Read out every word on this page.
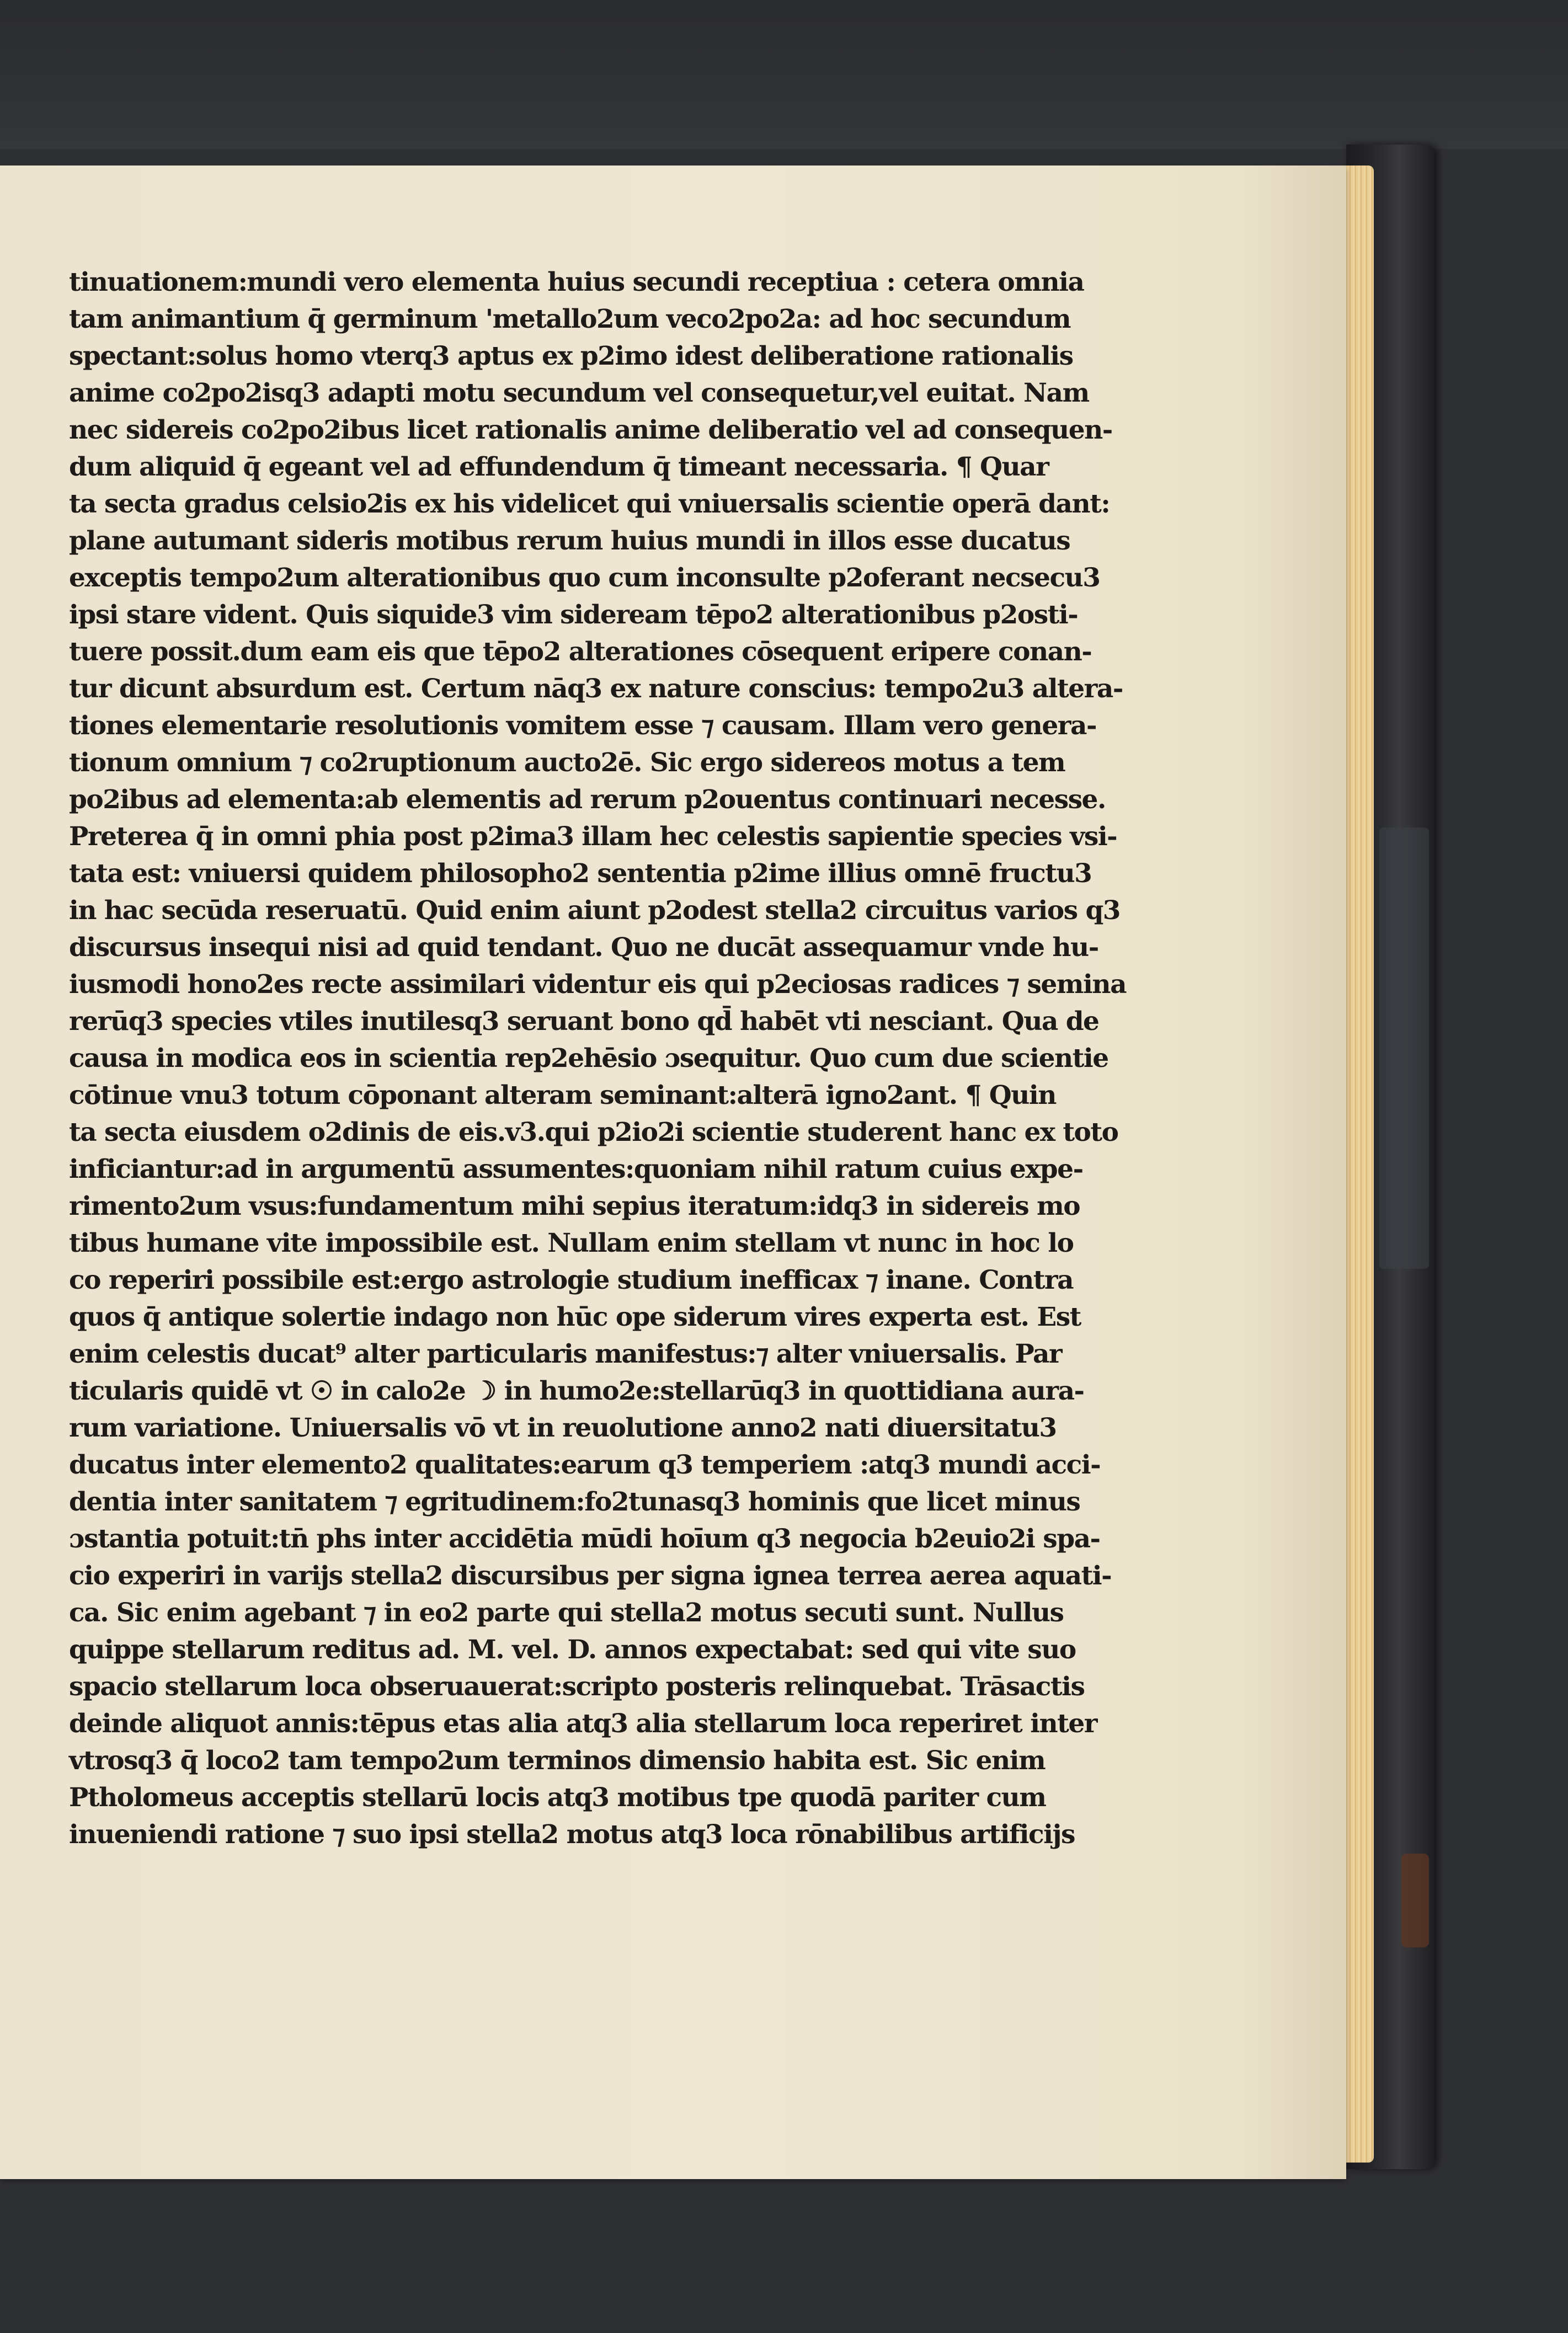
tinuationem:mundi vero elementa huius secundi receptiua : cetera omnia
tam animantium q̄ germinum 'metallo2um veco2po2a: ad hoc secundum
spectant:solus homo vterq3 aptus ex p2imo idest deliberatione rationalis
anime co2po2isq3 adapti motu secundum vel consequetur,vel euitat. Nam
nec sidereis co2po2ibus licet rationalis anime deliberatio vel ad consequen-
dum aliquid q̄ egeant vel ad effundendum q̄ timeant necessaria. ¶ Quar
ta secta gradus celsio2is ex his videlicet qui vniuersalis scientie operā dant:
plane autumant sideris motibus rerum huius mundi in illos esse ducatus
exceptis tempo2um alterationibus quo cum inconsulte p2oferant necsecu3
ipsi stare vident. Quis siquide3 vim sideream tēpo2 alterationibus p2osti-
tuere possit.dum eam eis que tēpo2 alterationes cōsequent eripere conan-
tur dicunt absurdum est. Certum nāq3 ex nature conscius: tempo2u3 altera-
tiones elementarie resolutionis vomitem esse ⁊ causam. Illam vero genera-
tionum omnium ⁊ co2ruptionum aucto2ē. Sic ergo sidereos motus a tem
po2ibus ad elementa:ab elementis ad rerum p2ouentus continuari necesse.
Preterea q̄ in omni phia post p2ima3 illam hec celestis sapientie species vsi-
tata est: vniuersi quidem philosopho2 sententia p2ime illius omnē fructu3
in hac secūda reseruatū. Quid enim aiunt p2odest stella2 circuitus varios q3
discursus insequi nisi ad quid tendant. Quo ne ducāt assequamur vnde hu-
iusmodi hono2es recte assimilari videntur eis qui p2eciosas radices ⁊ semina
rerūq3 species vtiles inutilesq3 seruant bono qd̄ habēt vti nesciant. Qua de
causa in modica eos in scientia rep2ehēsio ɔsequitur. Quo cum due scientie
cōtinue vnu3 totum cōponant alteram seminant:alterā igno2ant. ¶ Quin
ta secta eiusdem o2dinis de eis.v3.qui p2io2i scientie studerent hanc ex toto
inficiantur:ad in argumentū assumentes:quoniam nihil ratum cuius expe-
rimento2um vsus:fundamentum mihi sepius iteratum:idq3 in sidereis mo
tibus humane vite impossibile est. Nullam enim stellam vt nunc in hoc lo
co reperiri possibile est:ergo astrologie studium inefficax ⁊ inane. Contra
quos q̄ antique solertie indago non hūc ope siderum vires experta est. Est
enim celestis ducat⁹ alter particularis manifestus:⁊ alter vniuersalis. Par
ticularis quidē vt ☉ in calo2e ☽ in humo2e:stellarūq3 in quottidiana aura-
rum variatione. Uniuersalis vō vt in reuolutione anno2 nati diuersitatu3
ducatus inter elemento2 qualitates:earum q3 temperiem :atq3 mundi acci-
dentia inter sanitatem ⁊ egritudinem:fo2tunasq3 hominis que licet minus
ɔstantia potuit:tn̄ phs inter accidētia mūdi hoīum q3 negocia b2euio2i spa-
cio experiri in varijs stella2 discursibus per signa ignea terrea aerea aquati-
ca. Sic enim agebant ⁊ in eo2 parte qui stella2 motus secuti sunt. Nullus
quippe stellarum reditus ad. M. vel. D. annos expectabat: sed qui vite suo
spacio stellarum loca obseruauerat:scripto posteris relinquebat. Trāsactis
deinde aliquot annis:tēpus etas alia atq3 alia stellarum loca reperiret inter
vtrosq3 q̄ loco2 tam tempo2um terminos dimensio habita est. Sic enim
Ptholomeus acceptis stellarū locis atq3 motibus tpe quodā pariter cum
inueniendi ratione ⁊ suo ipsi stella2 motus atq3 loca rōnabilibus artificijs
